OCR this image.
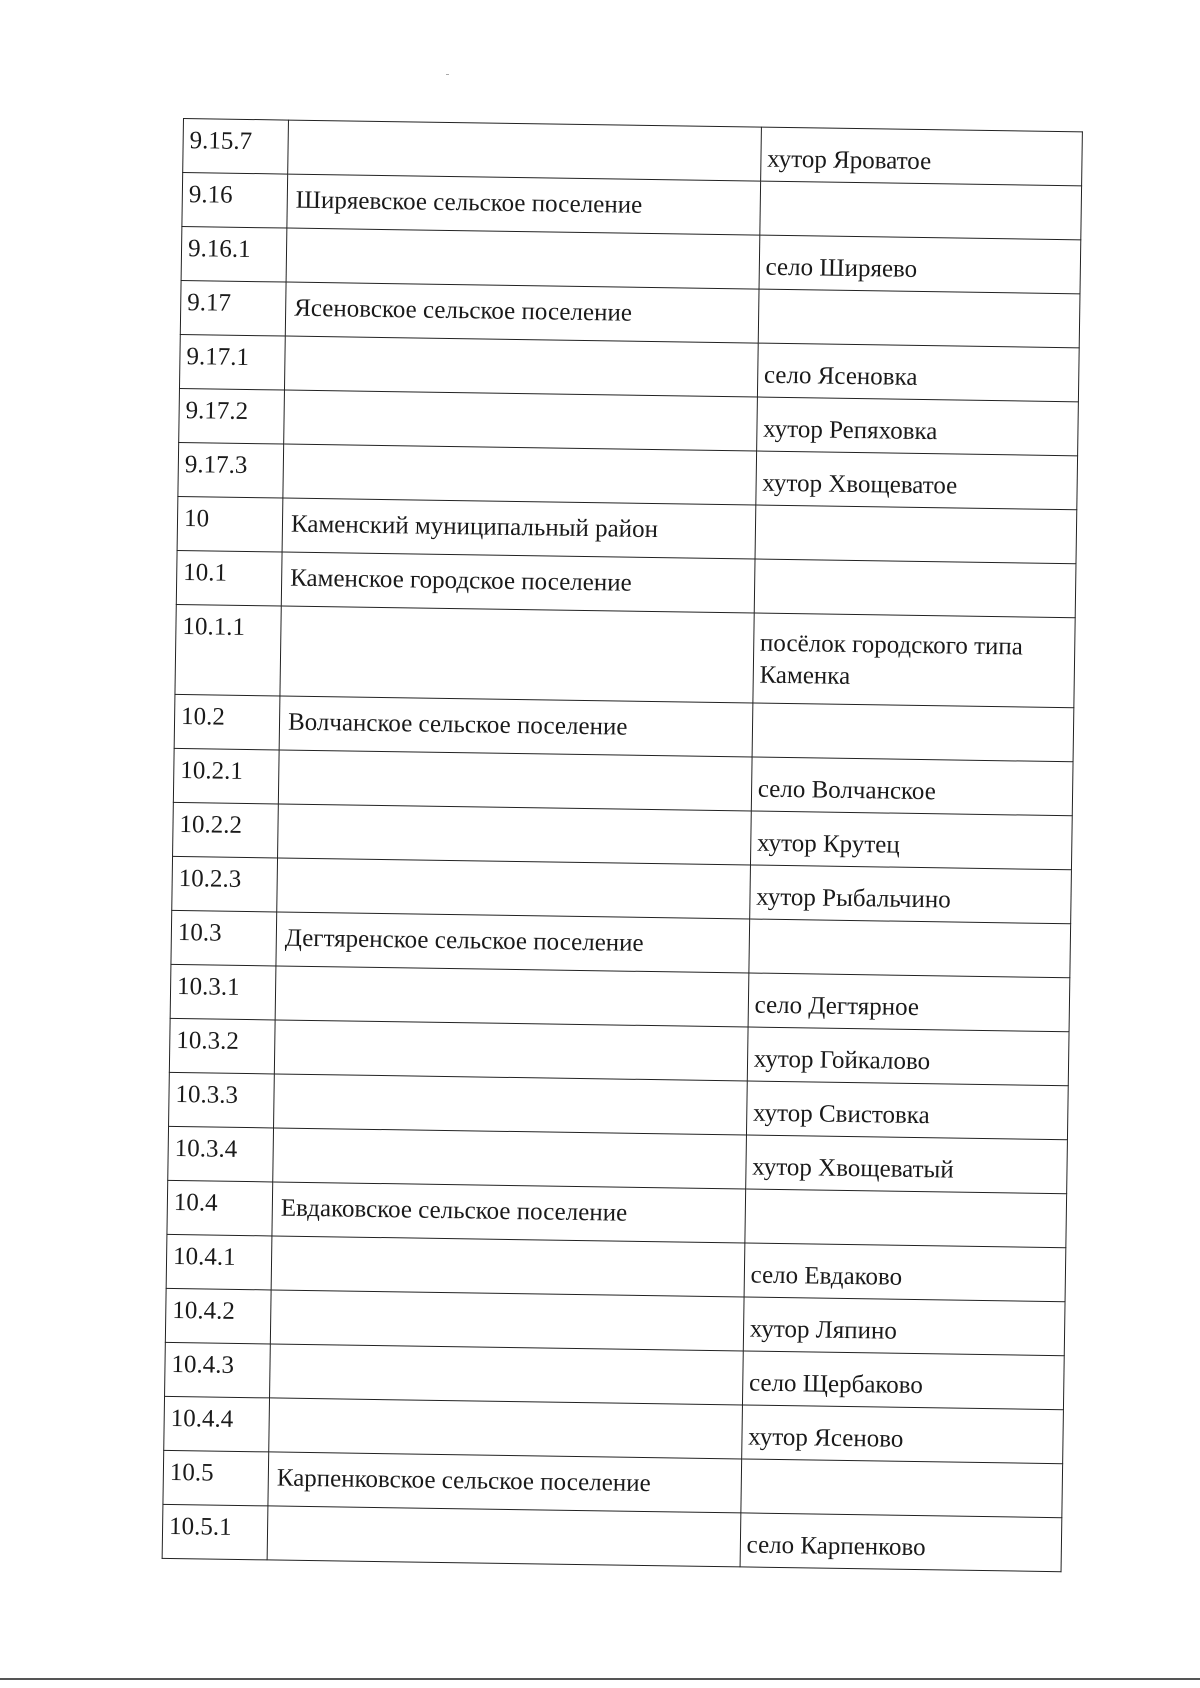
9.15.7		хутор Яроватое
9.16	Ширяевское сельское поселение	
9.16.1		село Ширяево
9.17	Ясеновское сельское поселение	
9.17.1		село Ясеновка
9.17.2		хутор Репяховка
9.17.3		хутор Хвощеватое
10	Каменский муниципальный район	
10.1	Каменское городское поселение	
10.1.1		посёлок городского типа Каменка
10.2	Волчанское сельское поселение	
10.2.1		село Волчанское
10.2.2		хутор Крутец
10.2.3		хутор Рыбальчино
10.3	Дегтяренское сельское поселение	
10.3.1		село Дегтярное
10.3.2		хутор Гойкалово
10.3.3		хутор Свистовка
10.3.4		хутор Хвощеватый
10.4	Евдаковское сельское поселение	
10.4.1		село Евдаково
10.4.2		хутор Ляпино
10.4.3		село Щербаково
10.4.4		хутор Ясеново
10.5	Карпенковское сельское поселение	
10.5.1		село Карпенково
